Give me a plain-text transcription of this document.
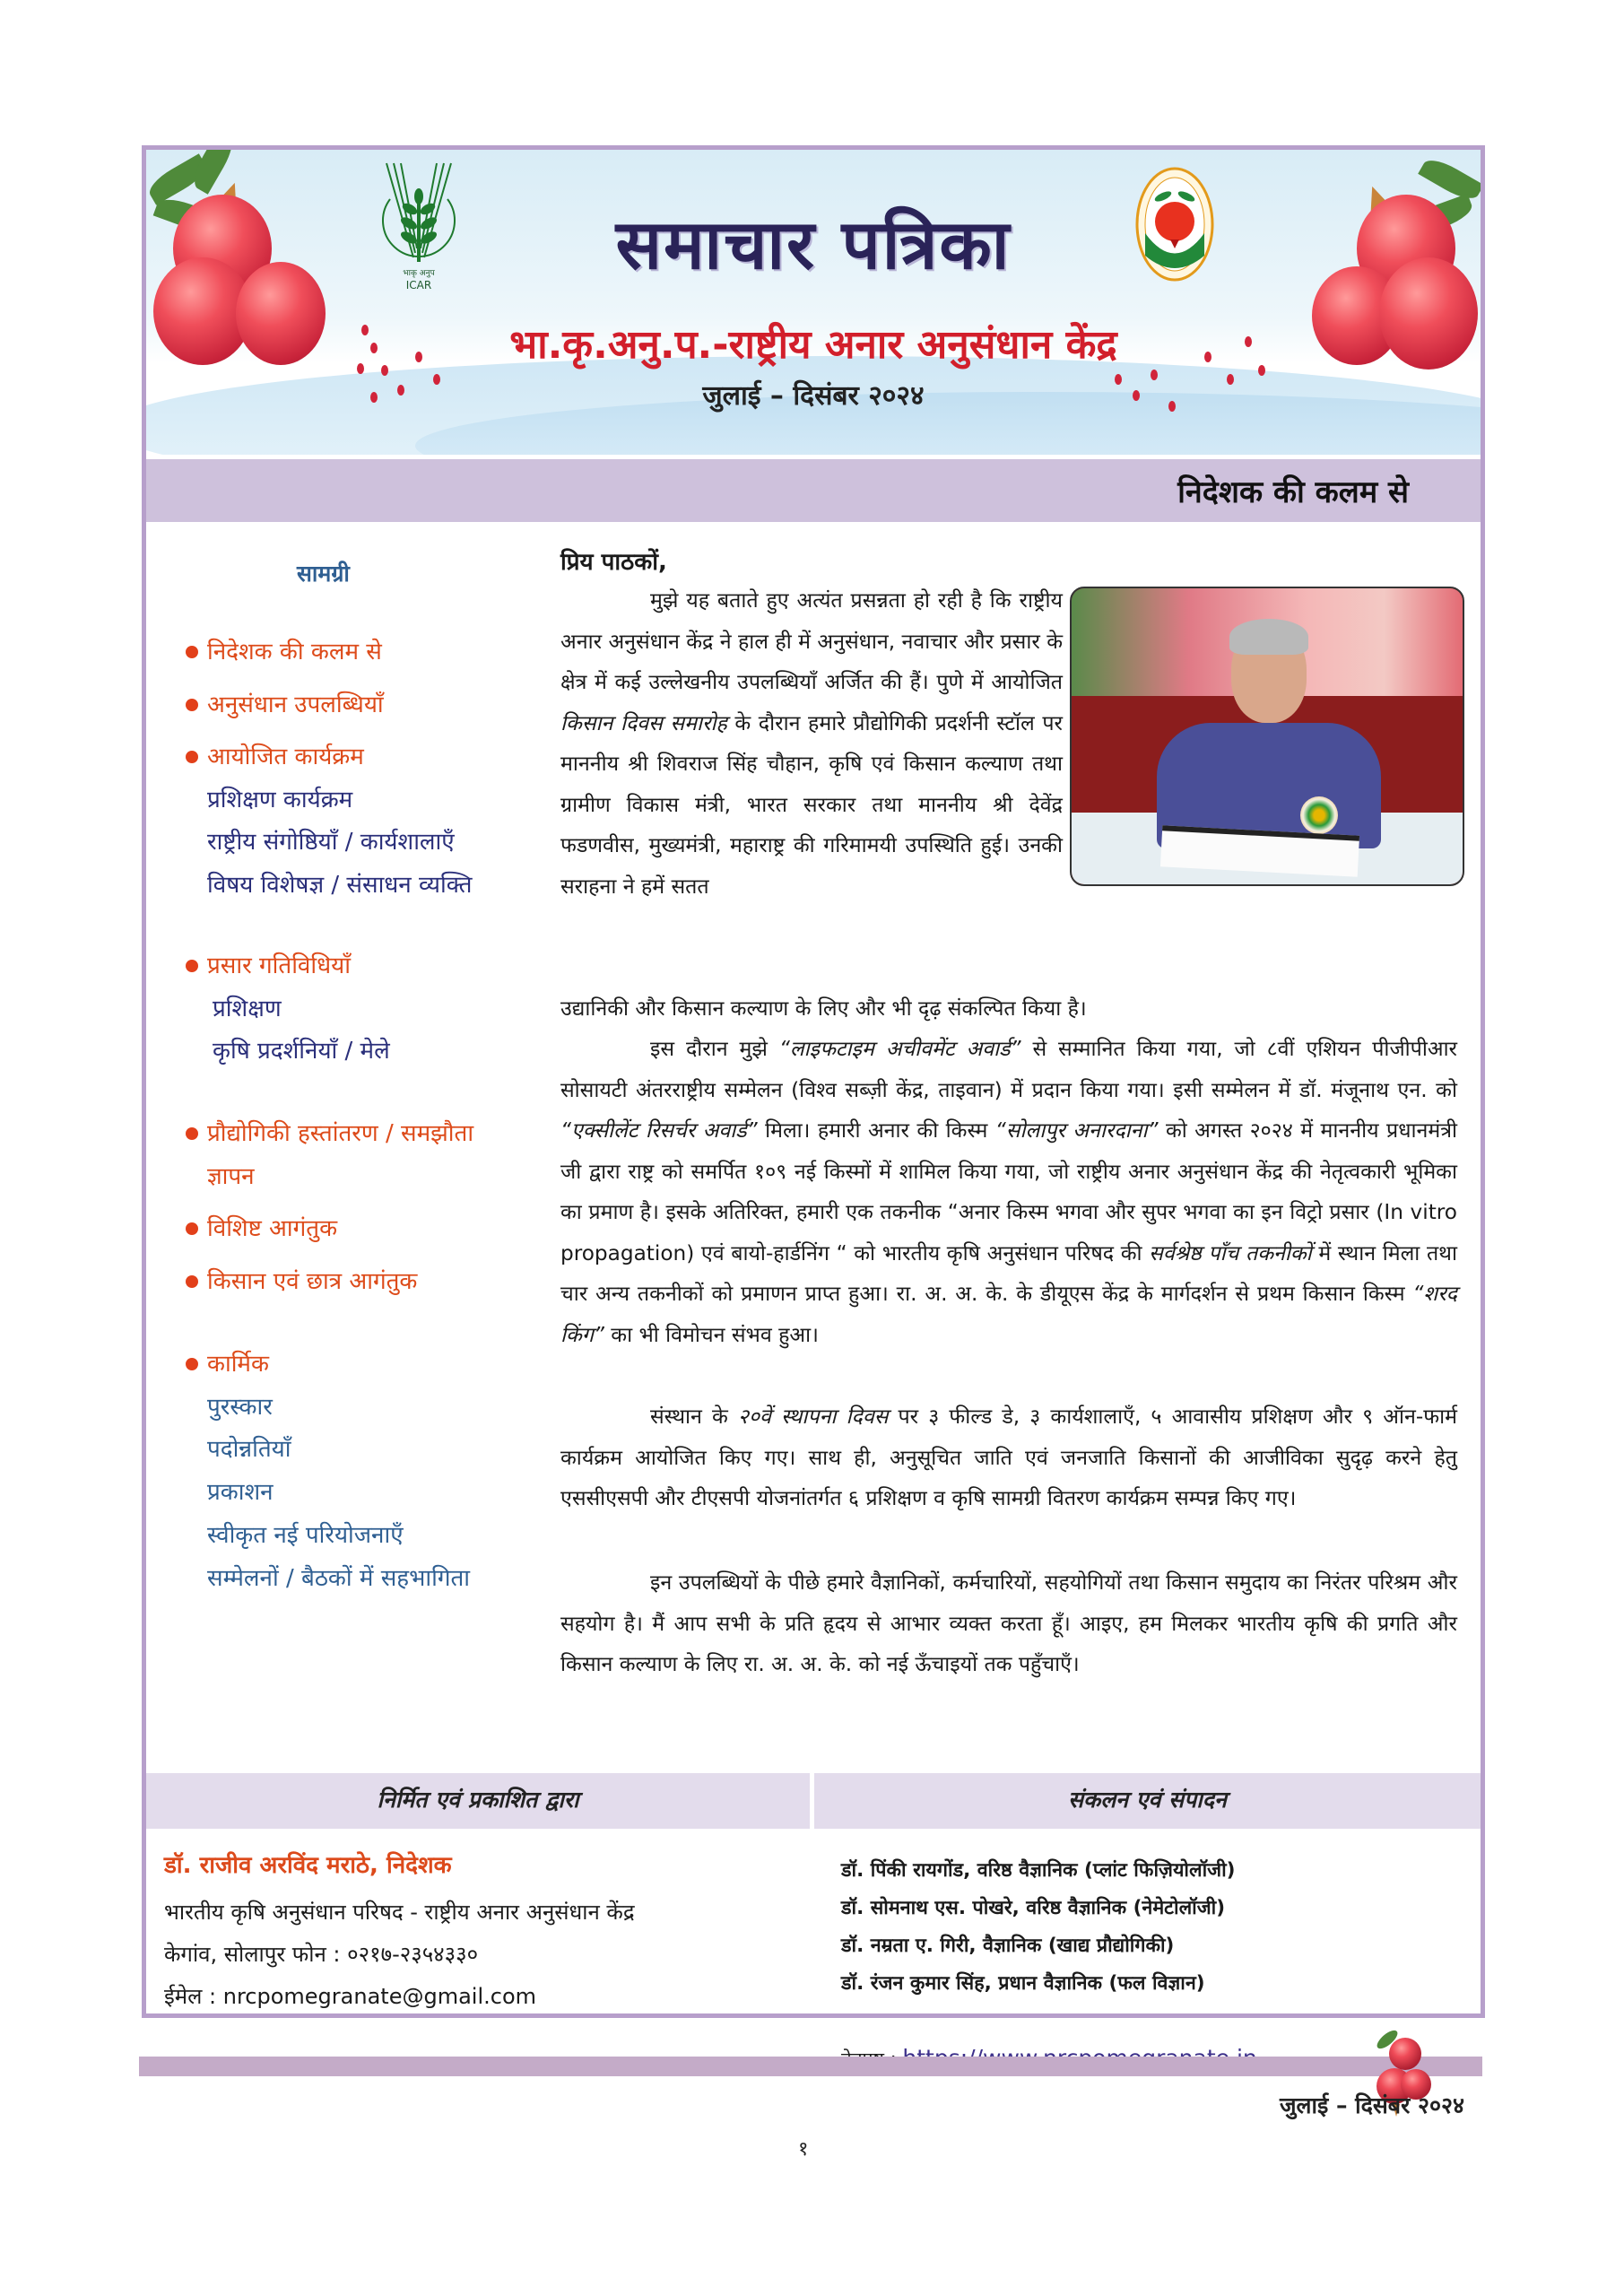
भाकृ अनुप
ICAR
समाचार पत्रिका
भा.कृ.अनु.प.-राष्ट्रीय अनार अनुसंधान केंद्र
जुलाई – दिसंबर २०२४
निदेशक की कलम से
सामग्री
निदेशक की कलम से
अनुसंधान उपलब्धियाँ
आयोजित कार्यक्रम
प्रशिक्षण कार्यक्रम
राष्ट्रीय संगोष्ठियाँ / कार्यशालाएँ
विषय विशेषज्ञ / संसाधन व्यक्ति
प्रसार गतिविधियाँ
प्रशिक्षण
कृषि प्रदर्शनियाँ / मेले
प्रौद्योगिकी हस्तांतरण / समझौता
ज्ञापन
विशिष्ट आगंतुक
किसान एवं छात्र आगंतुक
कार्मिक
पुरस्कार
पदोन्नतियाँ
प्रकाशन
स्वीकृत नई परियोजनाएँ
सम्मेलनों / बैठकों में सहभागिता
प्रिय पाठकों,
मुझे यह बताते हुए अत्यंत प्रसन्नता हो रही है कि राष्ट्रीय अनार अनुसंधान केंद्र ने हाल ही में अनुसंधान, नवाचार और प्रसार के क्षेत्र में कई उल्लेखनीय उपलब्धियाँ अर्जित की हैं। पुणे में आयोजित किसान दिवस समारोह के दौरान हमारे प्रौद्योगिकी प्रदर्शनी स्टॉल पर माननीय श्री शिवराज सिंह चौहान, कृषि एवं किसान कल्याण तथा ग्रामीण विकास मंत्री, भारत सरकार तथा माननीय श्री देवेंद्र फडणवीस, मुख्यमंत्री, महाराष्ट्र की गरिमामयी उपस्थिति हुई। उनकी सराहना ने हमें सतत
उद्यानिकी और किसान कल्याण के लिए और भी दृढ़ संकल्पित किया है।
इस दौरान मुझे “लाइफटाइम अचीवमेंट अवार्ड” से सम्मानित किया गया, जो ८वीं एशियन पीजीपीआर सोसायटी अंतरराष्ट्रीय सम्मेलन (विश्व सब्ज़ी केंद्र, ताइवान) में प्रदान किया गया। इसी सम्मेलन में डॉ. मंजूनाथ एन. को “एक्सीलेंट रिसर्चर अवार्ड” मिला। हमारी अनार की किस्म “सोलापुर अनारदाना” को अगस्त २०२४ में माननीय प्रधानमंत्री जी द्वारा राष्ट्र को समर्पित १०९ नई किस्मों में शामिल किया गया, जो राष्ट्रीय अनार अनुसंधान केंद्र की नेतृत्वकारी भूमिका का प्रमाण है। इसके अतिरिक्त, हमारी एक तकनीक “अनार किस्म भगवा और सुपर भगवा का इन विट्रो प्रसार (In vitro propagation) एवं बायो-हार्डनिंग “ को भारतीय कृषि अनुसंधान परिषद की सर्वश्रेष्ठ पाँच तकनीकों में स्थान मिला तथा चार अन्य तकनीकों को प्रमाणन प्राप्त हुआ। रा. अ. अ. के. के डीयूएस केंद्र के मार्गदर्शन से प्रथम किसान किस्म “शरद किंग” का भी विमोचन संभव हुआ।
संस्थान के २०वें स्थापना दिवस पर ३ फील्ड डे, ३ कार्यशालाएँ, ५ आवासीय प्रशिक्षण और ९ ऑन-फार्म कार्यक्रम आयोजित किए गए। साथ ही, अनुसूचित जाति एवं जनजाति किसानों की आजीविका सुदृढ़ करने हेतु एससीएसपी और टीएसपी योजनांतर्गत ६ प्रशिक्षण व कृषि सामग्री वितरण कार्यक्रम सम्पन्न किए गए।
इन उपलब्धियों के पीछे हमारे वैज्ञानिकों, कर्मचारियों, सहयोगियों तथा किसान समुदाय का निरंतर परिश्रम और सहयोग है। मैं आप सभी के प्रति हृदय से आभार व्यक्त करता हूँ। आइए, हम मिलकर भारतीय कृषि की प्रगति और किसान कल्याण के लिए रा. अ. अ. के. को नई ऊँचाइयों तक पहुँचाएँ।
निर्मित एवं प्रकाशित द्वारा	संकलन एवं संपादन
डॉ. राजीव अरविंद मराठे, निदेशक
भारतीय कृषि अनुसंधान परिषद - राष्ट्रीय अनार अनुसंधान केंद्र
केगांव, सोलापुर फोन : ०२१७-२३५४३३०
ईमेल : nrcpomegranate@gmail.com
डॉ. पिंकी रायगोंड, वरिष्ठ वैज्ञानिक (प्लांट फिज़ियोलॉजी)
डॉ. सोमनाथ एस. पोखरे, वरिष्ठ वैज्ञानिक (नेमेटोलॉजी)
डॉ. नम्रता ए. गिरी, वैज्ञानिक (खाद्य प्रौद्योगिकी)
डॉ. रंजन कुमार सिंह, प्रधान वैज्ञानिक (फल विज्ञान)
जुलाई – दिसंबर २०२४
१
